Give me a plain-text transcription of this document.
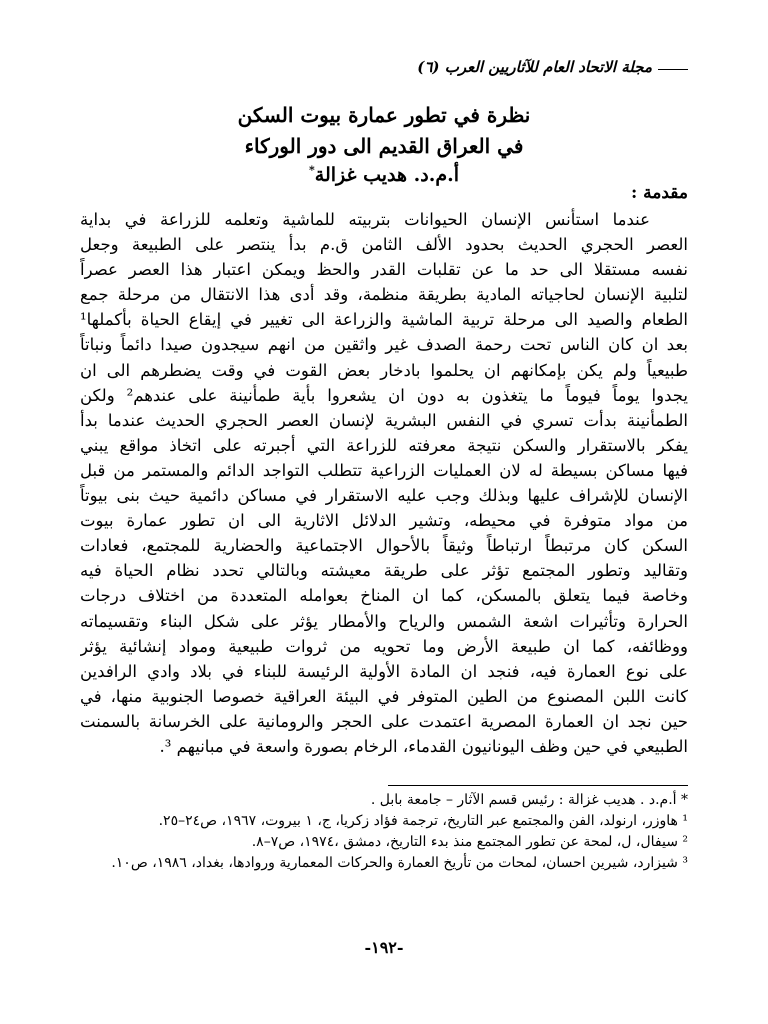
مجلة الاتحاد العام للآثاريين العرب (٦)
نظرة في تطور عمارة بيوت السكن
في العراق القديم الى دور الوركاء
أ.م.د. هديب غزالة*
مقدمة :
عندما استأنس الإنسان الحيوانات بتربيته للماشية وتعلمه للزراعة في بداية
العصر الحجري الحديث بحدود الألف الثامن ق.م بدأ ينتصر على الطبيعة وجعل
نفسه مستقلا الى حد ما عن تقلبات القدر والحظ ويمكن اعتبار هذا العصر عصراً
لتلبية الإنسان لحاجياته المادية بطريقة منظمة، وقد أدى هذا الانتقال من مرحلة جمع
الطعام والصيد الى مرحلة تربية الماشية والزراعة الى تغيير في إيقاع الحياة بأكملها¹
بعد ان كان الناس تحت رحمة الصدف غير واثقين من انهم سيجدون صيدا دائماً ونباتاً
طبيعياً ولم يكن بإمكانهم ان يحلموا بادخار بعض القوت في وقت يضطرهم الى ان
يجدوا يوماً فيوماً ما يتغذون به دون ان يشعروا بأية طمأنينة على عندهم² ولكن
الطمأنينة بدأت تسري في النفس البشرية لإنسان العصر الحجري الحديث عندما بدأ
يفكر بالاستقرار والسكن نتيجة معرفته للزراعة التي أجبرته على اتخاذ مواقع يبني
فيها مساكن بسيطة له لان العمليات الزراعية تتطلب التواجد الدائم والمستمر من قبل
الإنسان للإشراف عليها وبذلك وجب عليه الاستقرار في مساكن دائمية حيث بنى بيوتاً
من مواد متوفرة في محيطه، وتشير الدلائل الاثارية الى ان تطور عمارة بيوت
السكن كان مرتبطاً ارتباطاً وثيقاً بالأحوال الاجتماعية والحضارية للمجتمع، فعادات
وتقاليد وتطور المجتمع تؤثر على طريقة معيشته وبالتالي تحدد نظام الحياة فيه
وخاصة فيما يتعلق بالمسكن، كما ان المناخ بعوامله المتعددة من اختلاف درجات
الحرارة وتأثيرات اشعة الشمس والرياح والأمطار يؤثر على شكل البناء وتقسيماته
ووظائفه، كما ان طبيعة الأرض وما تحويه من ثروات طبيعية ومواد إنشائية يؤثر
على نوع العمارة فيه، فنجد ان المادة الأولية الرئيسة للبناء في بلاد وادي الرافدين
كانت اللبن المصنوع من الطين المتوفر في البيئة العراقية خصوصا الجنوبية منها، في
حين نجد ان العمارة المصرية اعتمدت على الحجر والرومانية على الخرسانة بالسمنت
الطبيعي في حين وظف اليونانيون القدماء، الرخام بصورة واسعة في مبانيهم ³.

* أ.م.د . هديب غزالة : رئيس قسم الآثار – جامعة بابل .

¹ هاوزر، ارنولد، الفن والمجتمع عبر التاريخ، ترجمة فؤاد زكريا، ج، ١ بيروت، ١٩٦٧، ص٢٤–٢٥.

² سيفال، ل، لمحة عن تطور المجتمع منذ بدء التاريخ، دمشق ،١٩٧٤، ص٧–٨.

³ شيزارد، شيرين احسان، لمحات من تأريخ العمارة والحركات المعمارية وروادها، بغداد، ١٩٨٦، ص١٠.

-١٩٢-
